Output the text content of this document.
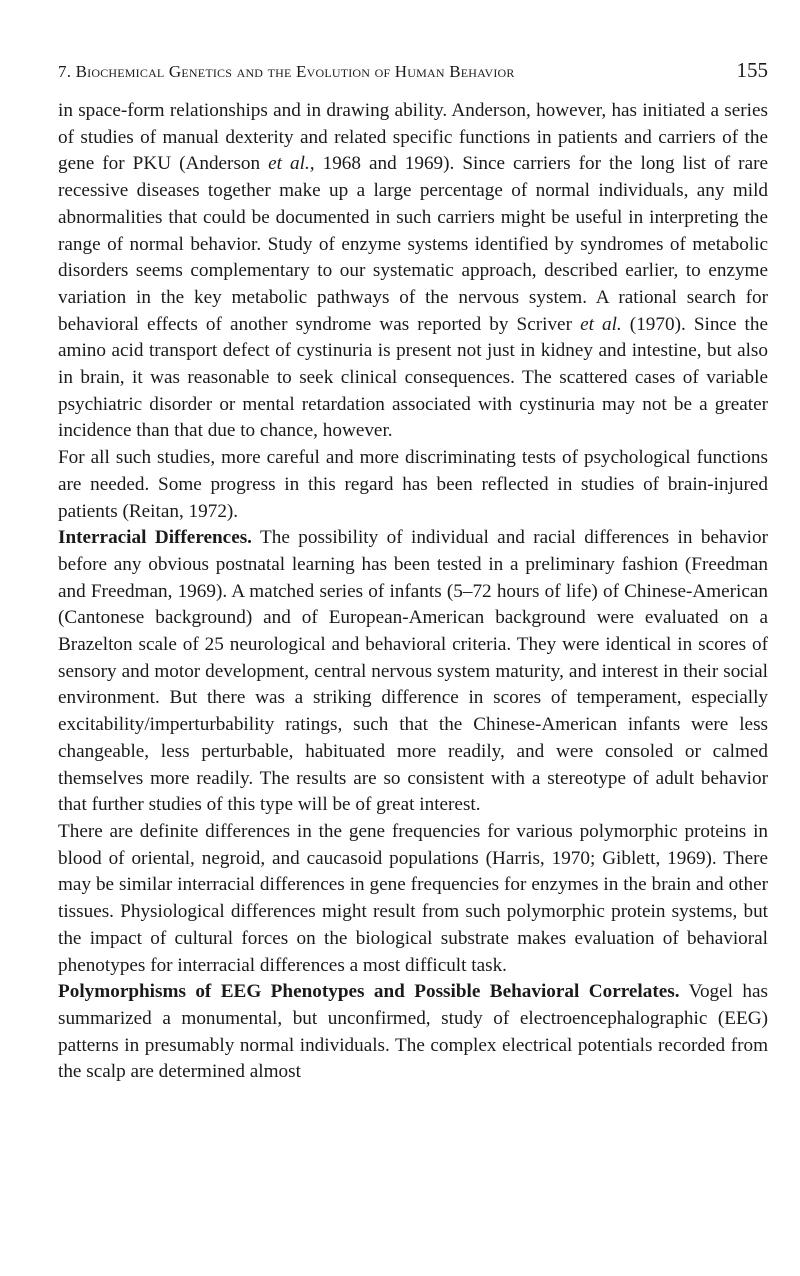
7. Biochemical Genetics and the Evolution of Human Behavior	155

in space-form relationships and in drawing ability. Anderson, however, has initiated a series of studies of manual dexterity and related specific functions in patients and carriers of the gene for PKU (Anderson et al., 1968 and 1969). Since carriers for the long list of rare recessive diseases together make up a large percentage of normal individuals, any mild abnormalities that could be documented in such carriers might be useful in interpreting the range of normal behavior. Study of enzyme systems identified by syndromes of metabolic disorders seems complementary to our systematic approach, described earlier, to enzyme variation in the key metabolic pathways of the nervous system. A rational search for behavioral effects of another syndrome was reported by Scriver et al. (1970). Since the amino acid transport defect of cystinuria is present not just in kidney and intestine, but also in brain, it was reasonable to seek clinical consequences. The scattered cases of variable psychiatric disorder or mental retardation associated with cystinuria may not be a greater incidence than that due to chance, however.

For all such studies, more careful and more discriminating tests of psychological functions are needed. Some progress in this regard has been reflected in studies of brain-injured patients (Reitan, 1972).

Interracial Differences. The possibility of individual and racial differences in behavior before any obvious postnatal learning has been tested in a preliminary fashion (Freedman and Freedman, 1969). A matched series of infants (5–72 hours of life) of Chinese-American (Cantonese background) and of European-American background were evaluated on a Brazelton scale of 25 neurological and behavioral criteria. They were identical in scores of sensory and motor development, central nervous system maturity, and interest in their social environment. But there was a striking difference in scores of temperament, especially excitability/imperturbability ratings, such that the Chinese-American infants were less changeable, less perturbable, habituated more readily, and were consoled or calmed themselves more readily. The results are so consistent with a stereotype of adult behavior that further studies of this type will be of great interest.

There are definite differences in the gene frequencies for various polymorphic proteins in blood of oriental, negroid, and caucasoid populations (Harris, 1970; Giblett, 1969). There may be similar interracial differences in gene frequencies for enzymes in the brain and other tissues. Physiological differences might result from such polymorphic protein systems, but the impact of cultural forces on the biological substrate makes evaluation of behavioral phenotypes for interracial differences a most difficult task.

Polymorphisms of EEG Phenotypes and Possible Behavioral Correlates. Vogel has summarized a monumental, but unconfirmed, study of electroencephalographic (EEG) patterns in presumably normal individuals. The complex electrical potentials recorded from the scalp are determined almost
